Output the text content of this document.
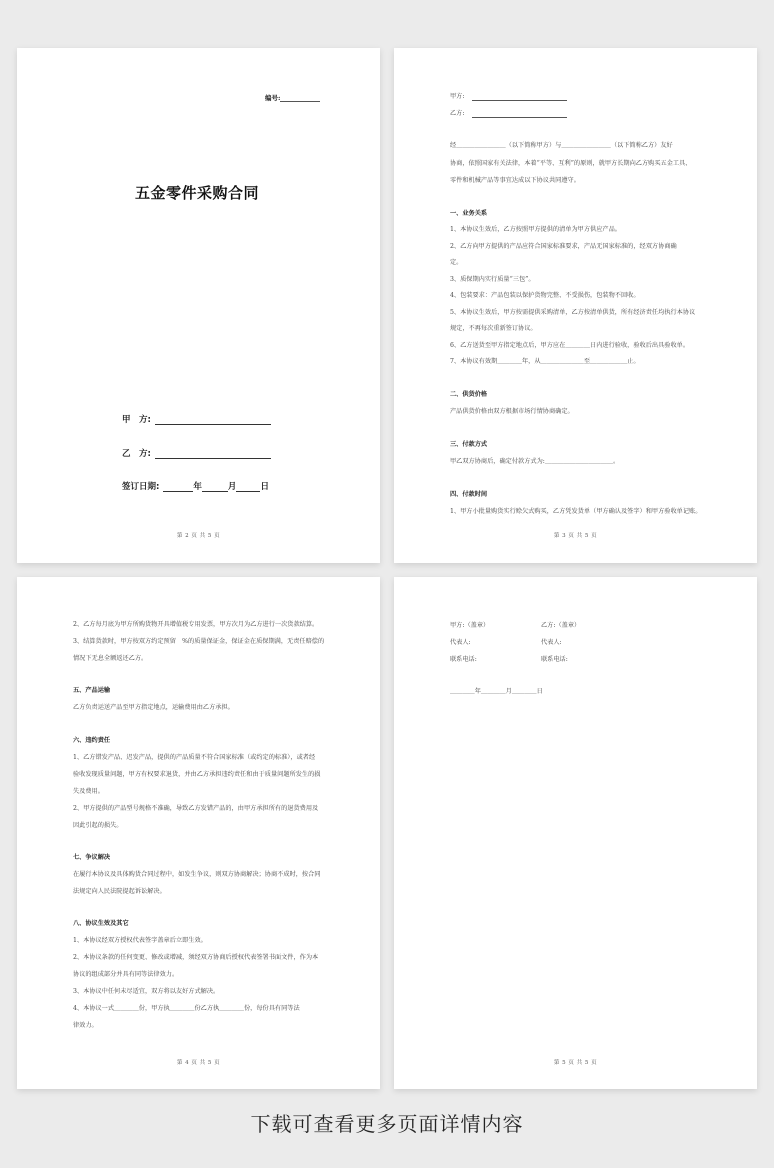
编号:
五金零件采购合同
甲　方:
乙　方:
签订日期:	年	月	日
第 2 页 共 5 页
甲方:
乙方:
经＿＿＿＿＿＿＿＿（以下简称甲方）与＿＿＿＿＿＿＿＿（以下简称乙方）友好
协商，依照国家有关法律，本着“平等、互利”的原则，就甲方长期向乙方购买五金工具、
零件和机械产品等事宜达成以下协议共同遵守。
一、业务关系
1、本协议生效后，乙方按照甲方提供的清单为甲方供应产品。
2、乙方向甲方提供的产品应符合国家标准要求，产品无国家标准的，经双方协商确
定。
3、质保期内实行质量“三包”。
4、包装要求：产品包装以保护货物完整、不受损伤，包装物不回收。
5、本协议生效后，甲方按需提供采购清单，乙方按清单供货，所有经济责任均执行本协议
规定，不再每次重新签订协议。
6、乙方送货至甲方指定地点后，甲方应在＿＿＿＿日内进行验收，验收后出具验收单。
7、本协议有效期＿＿＿＿年，从＿＿＿＿＿＿＿至＿＿＿＿＿＿止。
二、供货价格
产品供货价格由双方根据市场行情协商确定。
三、付款方式
甲乙双方协商后，确定付款方式为:＿＿＿＿＿＿＿＿＿＿＿。
四、付款时间
1、甲方小批量购货实行赊欠式购买，乙方凭发货单（甲方确认及签字）和甲方验收单记账。
第 3 页 共 5 页
2、乙方每月底为甲方所购货物开具增值税专用发票，甲方次月为乙方进行一次货款结算。
3、结算货款时，甲方按双方约定预留　%的质量保证金，保证金在质保期满，无责任赔偿的
情况下无息全额返还乙方。
五、产品运输
乙方负责运送产品至甲方指定地点，运输费用由乙方承担。
六、违约责任
1、乙方错发产品、迟发产品，提供的产品质量不符合国家标准（或约定的标准），或者经
验收发现质量问题，甲方有权要求退货，并由乙方承担违约责任和由于质量问题所发生的损
失及费用。
2、甲方提供的产品型号规格不准确，导致乙方发错产品的，由甲方承担所有的退货费用及
因此引起的损失。
七、争议解决
在履行本协议及具体购货合同过程中，如发生争议，则双方协商解决；协商不成时，按合同
法规定向人民法院提起诉讼解决。
八、协议生效及其它
1、本协议经双方授权代表签字盖章后立即生效。
2、本协议条款的任何变更、修改或增减，须经双方协商后授权代表签署书面文件，作为本
协议的组成部分并具有同等法律效力。
3、本协议中任何未尽适宜，双方将以友好方式解决。
4、本协议一式＿＿＿＿份，甲方执＿＿＿＿份乙方执＿＿＿＿份，每份具有同等法
律效力。
第 4 页 共 5 页
甲方:（盖章）	乙方:（盖章）
代表人:	代表人:
联系电话:	联系电话:
＿＿＿＿年＿＿＿＿月＿＿＿＿日
第 5 页 共 5 页
下载可查看更多页面详情内容
